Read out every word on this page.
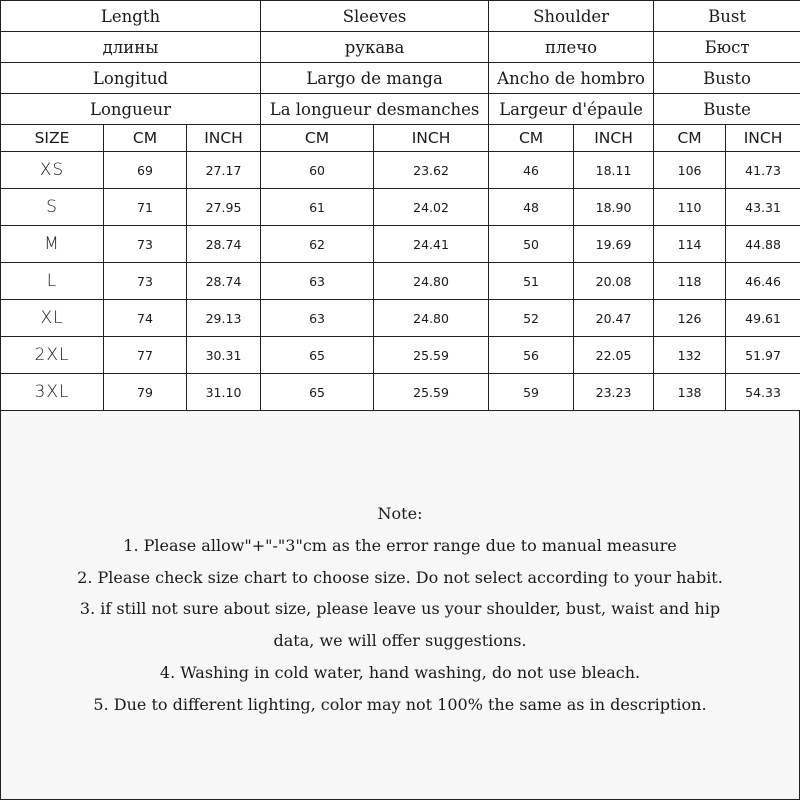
Length			Sleeves		Shoulder		Bust	
длины			рукава		плечо		Бюст	
Longitud			Largo de manga		Ancho de hombro		Busto	
Longueur			La longueur desmanches		Largeur d'épaule		Buste	
SIZE	CM	INCH	CM	INCH	CM	INCH	CM	INCH
XS	69	27.17	60	23.62	46	18.11	106	41.73
S	71	27.95	61	24.02	48	18.90	110	43.31
M	73	28.74	62	24.41	50	19.69	114	44.88
L	73	28.74	63	24.80	51	20.08	118	46.46
XL	74	29.13	63	24.80	52	20.47	126	49.61
2XL	77	30.31	65	25.59	56	22.05	132	51.97
3XL	79	31.10	65	25.59	59	23.23	138	54.33
Note:
1. Please allow"+"-"3"cm as the error range due to manual measure
2. Please check size chart to choose size. Do not select according to your habit.
3. if still not sure about size, please leave us your shoulder, bust, waist and hip
data, we will offer suggestions.
4. Washing in cold water, hand washing, do not use bleach.
5. Due to different lighting, color may not 100% the same as in description.
